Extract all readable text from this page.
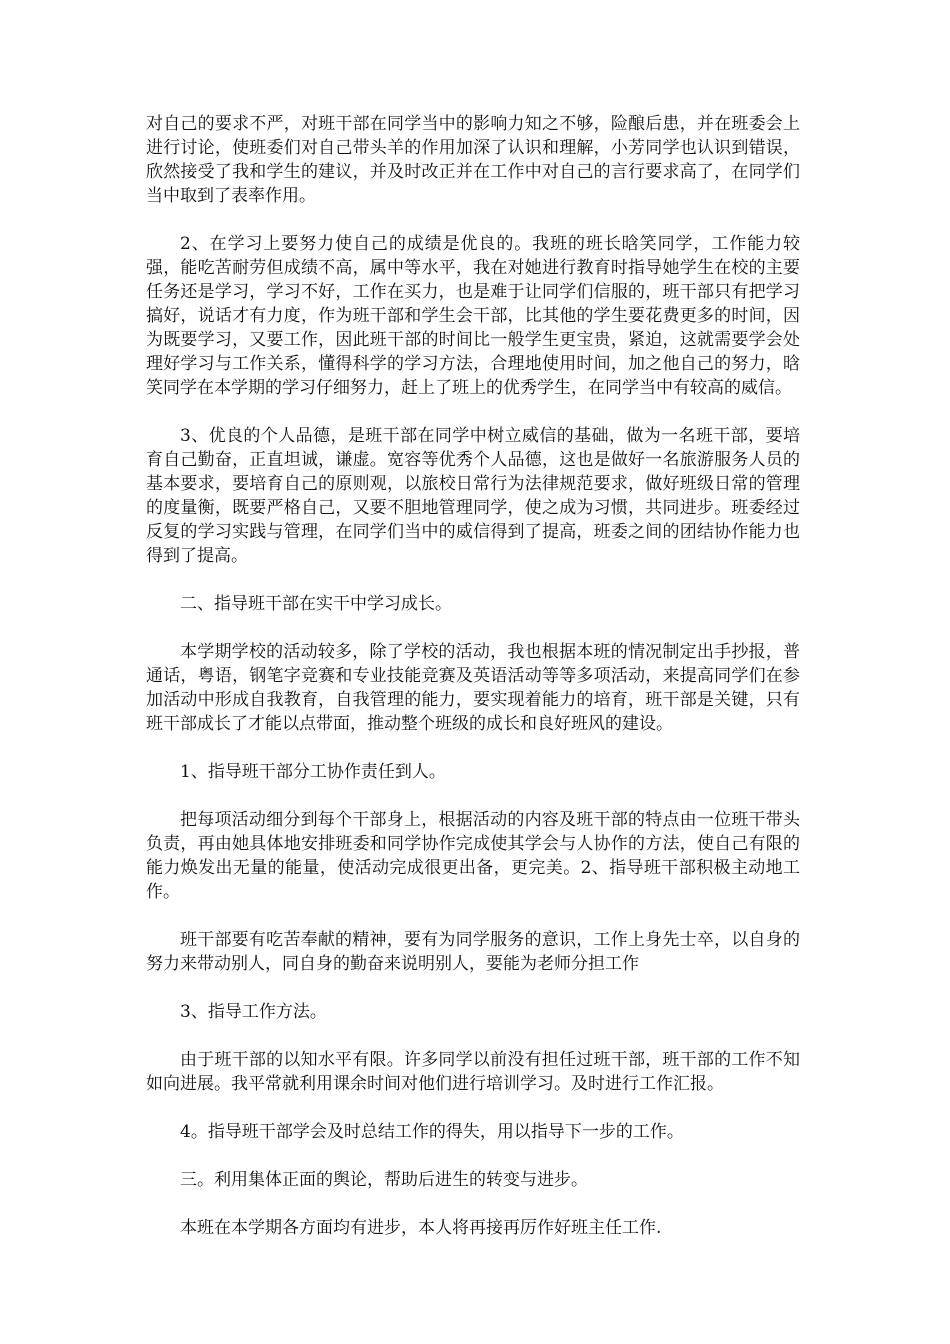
对自己的要求不严，对班干部在同学当中的影响力知之不够，险酿后患，并在班委会上进行讨论，使班委们对自己带头羊的作用加深了认识和理解，小芳同学也认识到错误，欣然接受了我和学生的建议，并及时改正并在工作中对自己的言行要求高了，在同学们当中取到了表率作用。

2、在学习上要努力使自己的成绩是优良的。我班的班长晗笑同学，工作能力较强，能吃苦耐劳但成绩不高，属中等水平，我在对她进行教育时指导她学生在校的主要任务还是学习，学习不好，工作在买力，也是难于让同学们信服的，班干部只有把学习搞好，说话才有力度，作为班干部和学生会干部，比其他的学生要花费更多的时间，因为既要学习，又要工作，因此班干部的时间比一般学生更宝贵，紧迫，这就需要学会处理好学习与工作关系，懂得科学的学习方法，合理地使用时间，加之他自己的努力，晗笑同学在本学期的学习仔细努力，赶上了班上的优秀学生，在同学当中有较高的威信。

3、优良的个人品德，是班干部在同学中树立威信的基础，做为一名班干部，要培育自己勤奋，正直坦诚，谦虚。宽容等优秀个人品德，这也是做好一名旅游服务人员的基本要求，要培育自己的原则观，以旅校日常行为法律规范要求，做好班级日常的管理的度量衡，既要严格自己，又要不胆地管理同学，使之成为习惯，共同进步。班委经过反复的学习实践与管理，在同学们当中的威信得到了提高，班委之间的团结协作能力也得到了提高。

二、指导班干部在实干中学习成长。

本学期学校的活动较多，除了学校的活动，我也根据本班的情况制定出手抄报，普通话，粤语，钢笔字竞赛和专业技能竞赛及英语活动等等多项活动，来提高同学们在参加活动中形成自我教育，自我管理的能力，要实现着能力的培育，班干部是关键，只有班干部成长了才能以点带面，推动整个班级的成长和良好班风的建设。

1、指导班干部分工协作责任到人。

把每项活动细分到每个干部身上，根据活动的内容及班干部的特点由一位班干带头负责，再由她具体地安排班委和同学协作完成使其学会与人协作的方法，使自己有限的能力焕发出无量的能量，使活动完成很更出备，更完美。2、指导班干部积极主动地工作。

班干部要有吃苦奉献的精神，要有为同学服务的意识，工作上身先士卒，以自身的努力来带动别人，同自身的勤奋来说明别人，要能为老师分担工作

3、指导工作方法。

由于班干部的以知水平有限。许多同学以前没有担任过班干部，班干部的工作不知如向进展。我平常就利用课余时间对他们进行培训学习。及时进行工作汇报。

4。指导班干部学会及时总结工作的得失，用以指导下一步的工作。

三。利用集体正面的舆论，帮助后进生的转变与进步。

本班在本学期各方面均有进步，本人将再接再厉作好班主任工作.
